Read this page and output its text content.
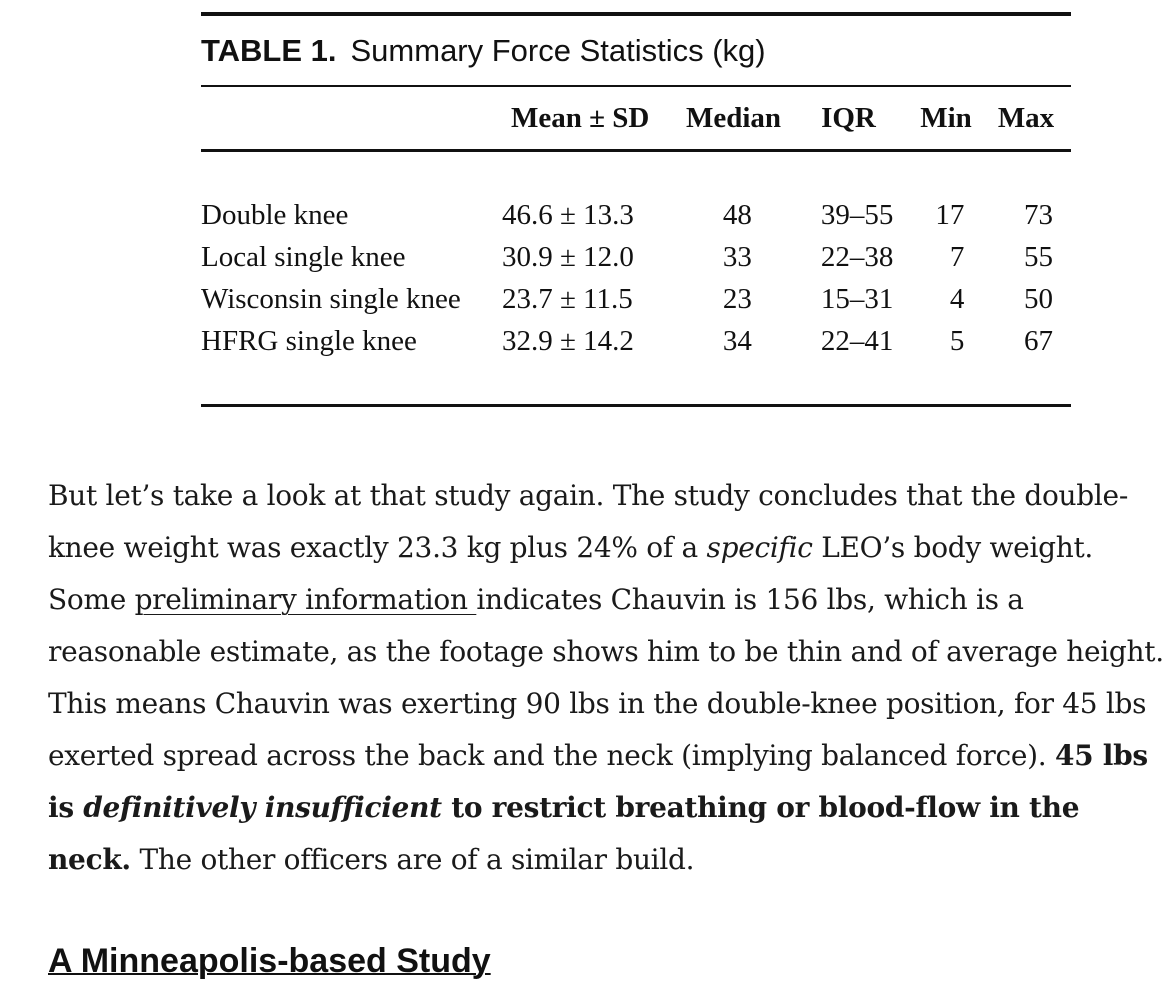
TABLE 1. Summary Force Statistics (kg)
	Mean ± SD	Median	IQR	Min	Max

Double knee	46.6 ± 13.3	48	39–55	17	73
Local single knee	30.9 ± 12.0	33	22–38	7	55
Wisconsin single knee	23.7 ± 11.5	23	15–31	4	50
HFRG single knee	32.9 ± 14.2	34	22–41	5	67

But let’s take a look at that study again. The study concludes that the double-knee weight was exactly 23.3 kg plus 24% of a specific LEO’s body weight. Some preliminary information indicates Chauvin is 156 lbs, which is a reasonable estimate, as the footage shows him to be thin and of average height. This means Chauvin was exerting 90 lbs in the double-knee position, for 45 lbs exerted spread across the back and the neck (implying balanced force). 45 lbs is definitively insufficient to restrict breathing or blood-flow in the neck. The other officers are of a similar build.

A Minneapolis-based Study
